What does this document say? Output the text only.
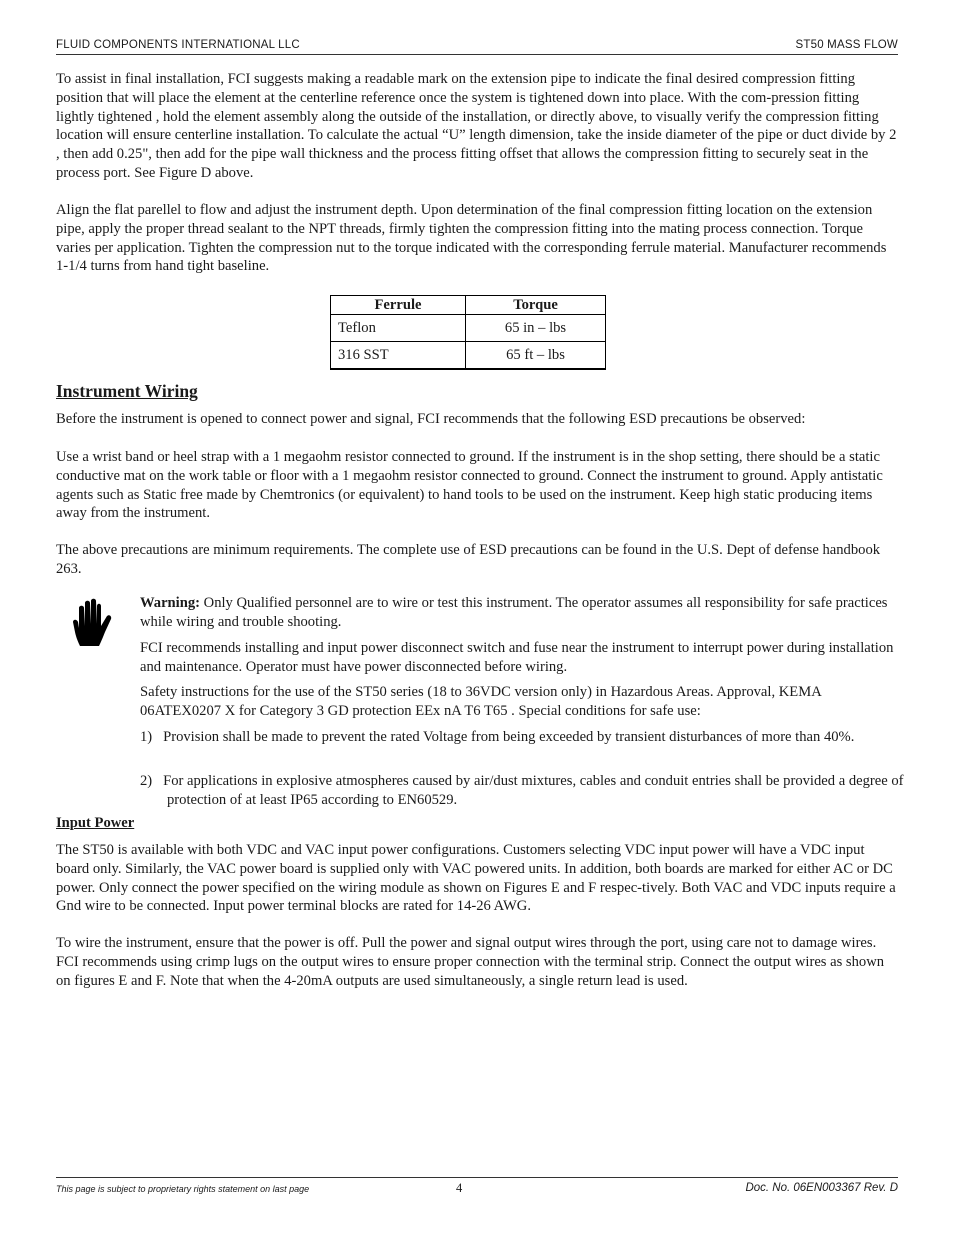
FLUID COMPONENTS INTERNATIONAL LLC	ST50 MASS FLOW

To assist in final installation, FCI suggests making a readable mark on the extension pipe to indicate the final desired compression fitting position that will place the element at the centerline reference once the system is tightened down into place. With the com-pression fitting lightly tightened , hold the element assembly along the outside of the installation, or directly above, to visually verify the compression fitting location will ensure centerline installation. To calculate the actual “U” length dimension, take the inside diameter of the pipe or duct divide by 2 , then add 0.25", then add for the pipe wall thickness and the process fitting offset that allows the compression fitting to securely seat in the process port. See Figure D above.

Align the flat parellel to flow and adjust the instrument depth. Upon determination of the final compression fitting location on the extension pipe, apply the proper thread sealant to the NPT threads, firmly tighten the compression fitting into the mating process connection. Torque varies per application. Tighten the compression nut to the torque indicated with the corresponding ferrule material. Manufacturer recommends 1-1/4 turns from hand tight baseline.

Ferrule	Torque
Teflon	65 in – lbs
316 SST	65 ft – lbs
Instrument Wiring

Before the instrument is opened to connect power and signal, FCI recommends that the following ESD precautions be observed:

Use a wrist band or heel strap with a 1 megaohm resistor connected to ground. If the instrument is in the shop setting, there should be a static conductive mat on the work table or floor with a 1 megaohm resistor connected to ground. Connect the instrument to ground. Apply antistatic agents such as Static free made by Chemtronics (or equivalent) to hand tools to be used on the instrument. Keep high static producing items away from the instrument.

The above precautions are minimum requirements. The complete use of ESD precautions can be found in the U.S. Dept of defense handbook 263.

Warning: Only Qualified personnel are to wire or test this instrument. The operator assumes all responsibility for safe practices while wiring and trouble shooting.

FCI recommends installing and input power disconnect switch and fuse near the instrument to interrupt power during installation and maintenance. Operator must have power disconnected before wiring.

Safety instructions for the use of the ST50 series (18 to 36VDC version only) in Hazardous Areas. Approval, KEMA 06ATEX0207 X for Category 3 GD protection EEx nA T6 T65 . Special conditions for safe use:

1)   Provision shall be made to prevent the rated Voltage from being exceeded by transient disturbances of more than 40%.

2)   For applications in explosive atmospheres caused by air/dust mixtures, cables and conduit entries shall be provided a degree of protection of at least IP65 according to EN60529.

Input Power

The ST50 is available with both VDC and VAC input power configurations. Customers selecting VDC input power will have a VDC input board only. Similarly, the VAC power board is supplied only with VAC powered units. In addition, both boards are marked for either AC or DC power. Only connect the power specified on the wiring module as shown on Figures E and F respec-tively. Both VAC and VDC inputs require a Gnd wire to be connected. Input power terminal blocks are rated for 14-26 AWG.

To wire the instrument, ensure that the power is off. Pull the power and signal output wires through the port, using care not to damage wires. FCI recommends using crimp lugs on the output wires to ensure proper connection with the terminal strip. Connect the output wires as shown on figures E and F. Note that when the 4-20mA outputs are used simultaneously, a single return lead is used.

This page is subject to proprietary rights statement on last page	4	Doc. No. 06EN003367 Rev. D
